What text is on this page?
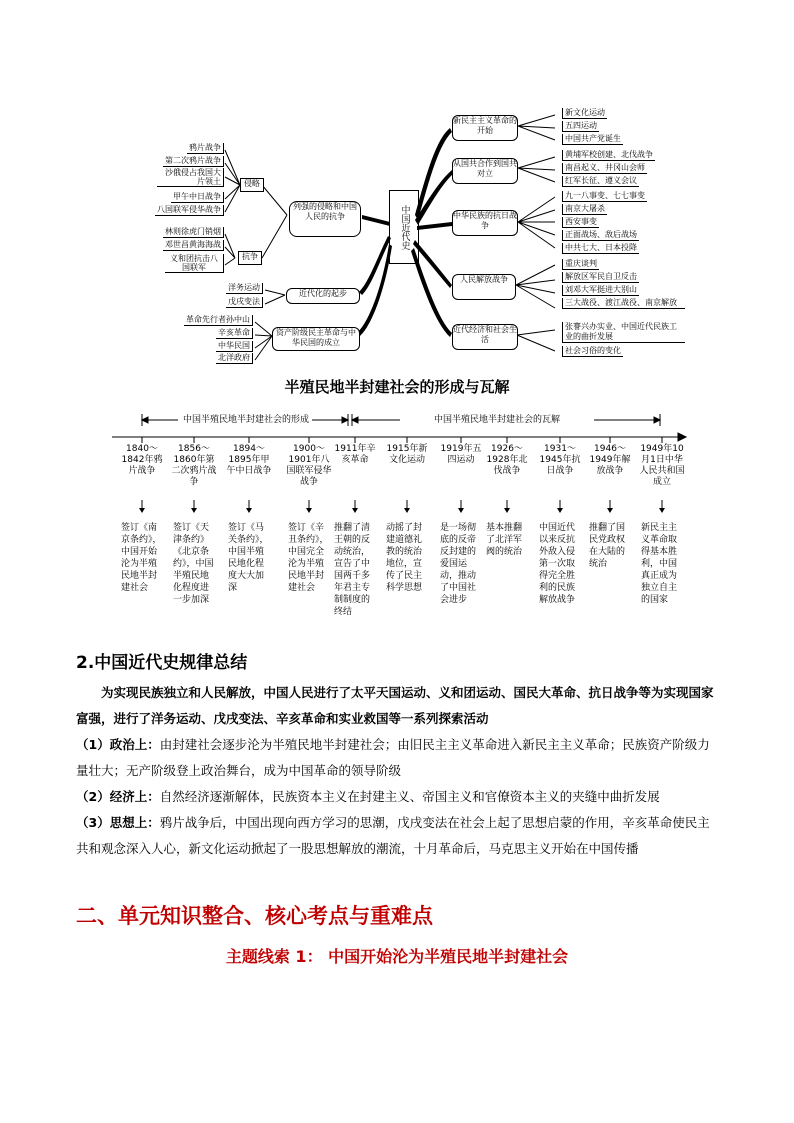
中国近代史
新民主主义革命的开始
从国共合作到国共对立
中华民族的抗日战争
人民解放战争
近代经济和社会生活
新文化运动
五四运动
中国共产党诞生
黄埔军校创建、北伐战争
南昌起义、井冈山会师
红军长征、遵义会议
九一八事变、七七事变
南京大屠杀
西安事变
正面战场、敌后战场
中共七大、日本投降
重庆谈判
解放区军民自卫反击
刘邓大军挺进大别山
三大战役、渡江战役、南京解放
张謇兴办实业、中国近代民族工业的曲折发展
社会习俗的变化
列强的侵略和中国人民的抗争
近代化的起步
资产阶级民主革命与中华民国的成立
侵略
抗争
鸦片战争
第二次鸦片战争
沙俄侵占我国大片领土
甲午中日战争
八国联军侵华战争
林则徐虎门销烟
邓世昌黄海海战
义和团抗击八国联军
洋务运动
戊戌变法
革命先行者孙中山
辛亥革命
中华民国
北洋政府
半殖民地半封建社会的形成与瓦解
中国半殖民地半封建社会的形成	中国半殖民地半封建社会的瓦解
1840～1842年鸦片战争
签订《南京条约》，中国开始沦为半殖民地半封建社会
1856～1860年第二次鸦片战争
签订《天津条约》《北京条约》，中国半殖民地化程度进一步加深
1894～1895年甲午中日战争
签订《马关条约》，中国半殖民地化程度大大加深
1900～1901年八国联军侵华战争
签订《辛丑条约》，中国完全沦为半殖民地半封建社会
1911年辛亥革命
推翻了清王朝的反动统治，宣告了中国两千多年君主专制制度的终结
1915年新文化运动
动摇了封建道德礼教的统治地位，宣传了民主科学思想
1919年五四运动
是一场彻底的反帝反封建的爱国运动，推动了中国社会进步
1926～1928年北伐战争
基本推翻了北洋军阀的统治
1931～1945年抗日战争
中国近代以来反抗外敌入侵第一次取得完全胜利的民族解放战争
1946～1949年解放战争
推翻了国民党政权在大陆的统治
1949年10月1日中华人民共和国成立
新民主主义革命取得基本胜利，中国真正成为独立自主的国家
2.中国近代史规律总结
为实现民族独立和人民解放，中国人民进行了太平天国运动、义和团运动、国民大革命、抗日战争等为实现国家富强，进行了洋务运动、戊戌变法、辛亥革命和实业救国等一系列探索活动
（1）政治上：由封建社会逐步沦为半殖民地半封建社会；由旧民主主义革命进入新民主主义革命；民族资产阶级力量壮大；无产阶级登上政治舞台，成为中国革命的领导阶级
（2）经济上：自然经济逐渐解体，民族资本主义在封建主义、帝国主义和官僚资本主义的夹缝中曲折发展
（3）思想上：鸦片战争后，中国出现向西方学习的思潮，戊戌变法在社会上起了思想启蒙的作用，辛亥革命使民主共和观念深入人心，新文化运动掀起了一股思想解放的潮流，十月革命后，马克思主义开始在中国传播
二、单元知识整合、核心考点与重难点
主题线索 1： 中国开始沦为半殖民地半封建社会
